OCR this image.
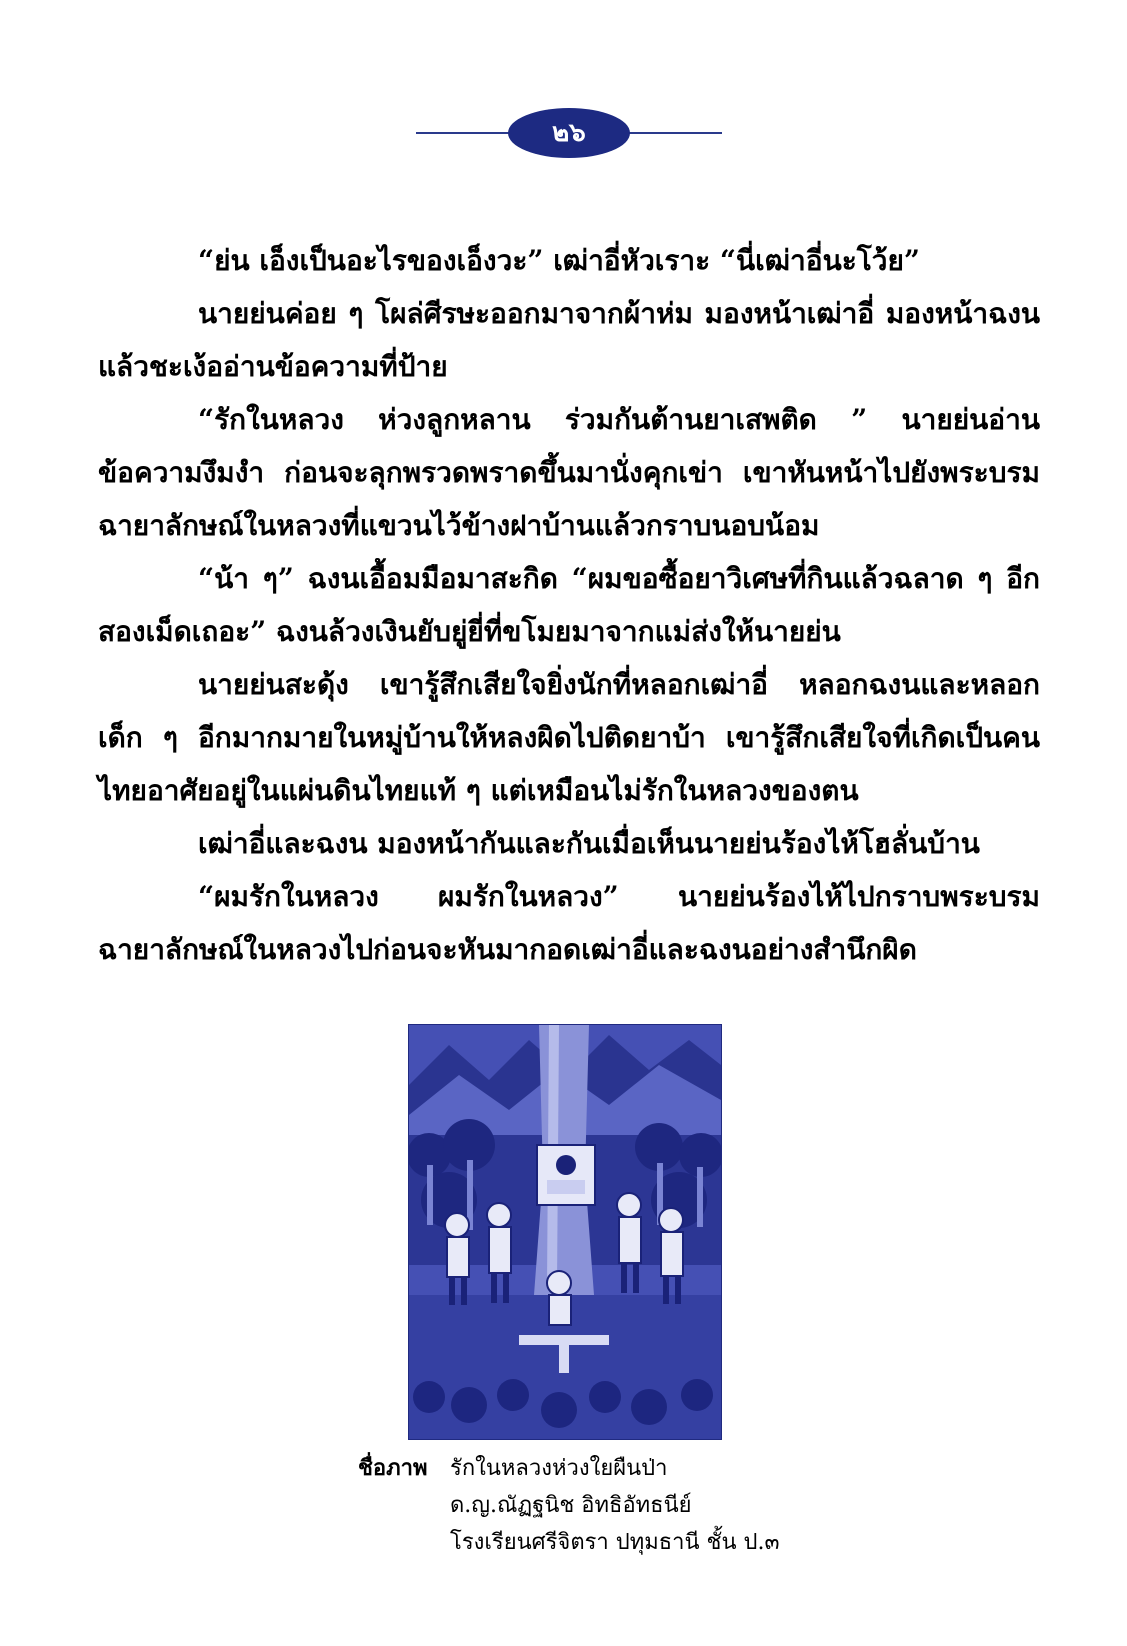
๒๖

“ย่น เอ็งเป็นอะไรของเอ็งวะ” เฒ่าอี่หัวเราะ “นี่เฒ่าอี่นะโว้ย”

นายย่นค่อย ๆ โผล่ศีรษะออกมาจากผ้าห่ม มองหน้าเฒ่าอี่ มองหน้าฉงน แล้วชะเง้ออ่านข้อความที่ป้าย

“รักในหลวง ห่วงลูกหลาน ร่วมกันต้านยาเสพติด ” นายย่นอ่านข้อความงึมงำ ก่อนจะลุกพรวดพราดขึ้นมานั่งคุกเข่า เขาหันหน้าไปยังพระบรมฉายาลักษณ์ในหลวงที่แขวนไว้ข้างฝาบ้านแล้วกราบนอบน้อม

“น้า ๆ” ฉงนเอื้อมมือมาสะกิด “ผมขอซื้อยาวิเศษที่กินแล้วฉลาด ๆ อีกสองเม็ดเถอะ” ฉงนล้วงเงินยับยู่ยี่ที่ขโมยมาจากแม่ส่งให้นายย่น

นายย่นสะดุ้ง เขารู้สึกเสียใจยิ่งนักที่หลอกเฒ่าอี่ หลอกฉงนและหลอกเด็ก ๆ อีกมากมายในหมู่บ้านให้หลงผิดไปติดยาบ้า เขารู้สึกเสียใจที่เกิดเป็นคนไทยอาศัยอยู่ในแผ่นดินไทยแท้ ๆ แต่เหมือนไม่รักในหลวงของตน

เฒ่าอี่และฉงน มองหน้ากันและกันเมื่อเห็นนายย่นร้องไห้โฮลั่นบ้าน

“ผมรักในหลวง ผมรักในหลวง” นายย่นร้องไห้ไปกราบพระบรมฉายาลักษณ์ในหลวงไปก่อนจะหันมากอดเฒ่าอี่และฉงนอย่างสำนึกผิด

ชื่อภาพ	รักในหลวงห่วงใยผืนป่า
ด.ญ.ณัฏฐนิช อิทธิอัทธนีย์
โรงเรียนศรีจิตรา ปทุมธานี ชั้น ป.๓
